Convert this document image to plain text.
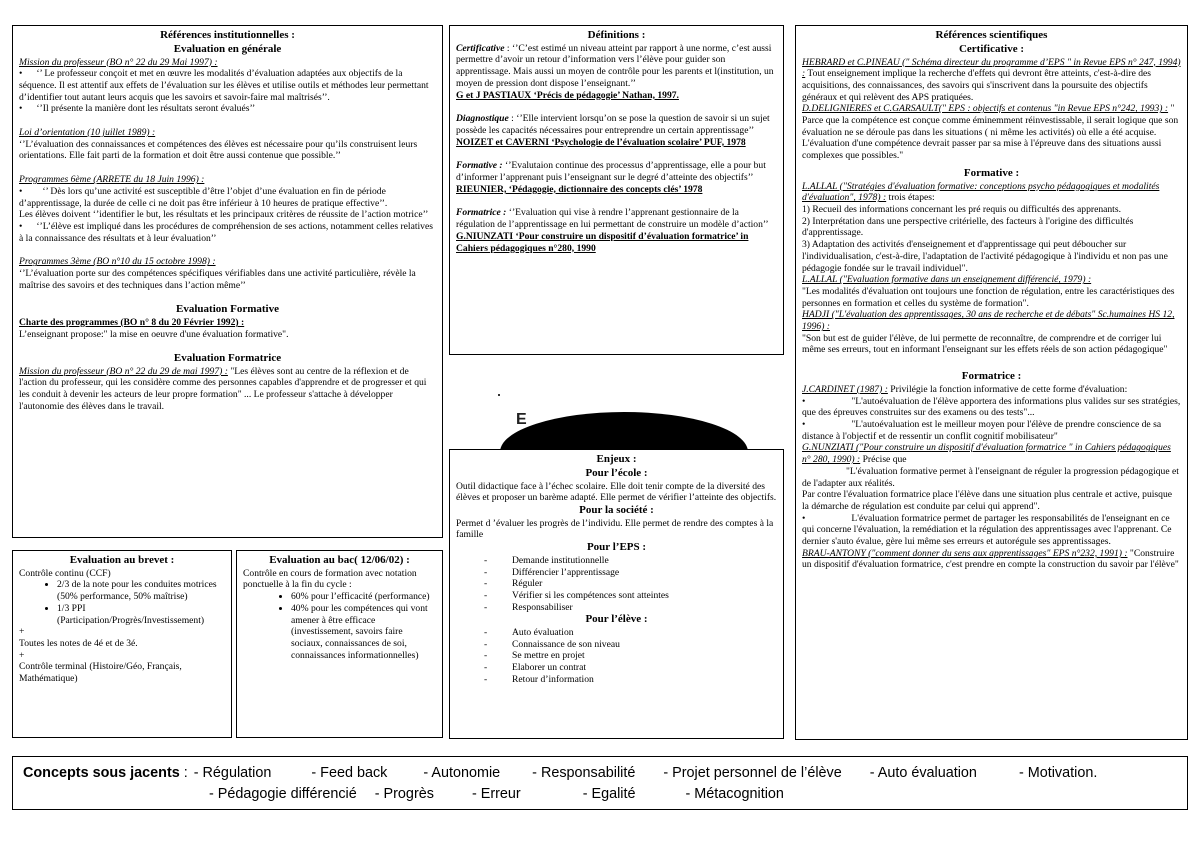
Références institutionnelles :
Evaluation en générale

Mission du professeur (BO n° 22 du 29 Mai 1997) :

• ‘’ Le professeur conçoit et met en œuvre les modalités d’évaluation adaptées aux objectifs de la séquence. Il est attentif aux effets de l’évaluation sur les élèves et utilise outils et méthodes leur permettant d’identifier tout autant leurs acquis que les savoirs et savoir-faire mal maîtrisés’’.

• ‘’Il présente la manière dont les résultats seront évalués’’

Loi d’orientation (10 juillet 1989) :

‘’L’évaluation des connaissances et compétences des élèves est nécessaire pour qu’ils construisent leurs orientations. Elle fait parti de la formation et doit être aussi contenue que possible.’’

Programmes 6ème (ARRETE du 18 Juin 1996) :

• ‘’ Dès lors qu’une activité est susceptible d’être l’objet d’une évaluation en fin de période d’apprentissage, la durée de celle ci ne doit pas être inférieur à 10 heures de pratique effective’’.

Les élèves doivent ‘’identifier le but, les résultats et les principaux critères de réussite de l’action motrice’’

• ‘’L’élève est impliqué dans les procédures de compréhension de ses actions, notamment celles relatives à la connaissance des résultats et à leur évaluation’’

Programmes 3ème (BO n°10 du 15 octobre 1998) :

‘’L’évaluation porte sur des compétences spécifiques vérifiables dans une activité particulière, révèle la maîtrise des savoirs et des techniques dans l’action même’’

Evaluation Formative

Charte des programmes (BO n° 8 du 20 Février 1992) :

L’enseignant propose:" la mise en oeuvre d'une évaluation formative".

Evaluation Formatrice

Mission du professeur (BO n° 22 du 29 de mai 1997) : "Les élèves sont au centre de la réflexion et de l'action du professeur, qui les considère comme des personnes capables d'apprendre et de progresser et qui les conduit à devenir les acteurs de leur propre formation" ... Le professeur s'attache à développer l'autonomie des élèves dans le travail.

Evaluation au brevet :

Contrôle continu (CCF)

• 2/3 de la note pour les conduites motrices (50% performance, 50% maîtrise)
• 1/3 PPI (Participation/Progrès/Investissement)

+

Toutes les notes de 4é et de 3é.

+

Contrôle terminal (Histoire/Géo, Français, Mathématique)

Evaluation au bac( 12/06/02) :

Contrôle en cours de formation avec notation ponctuelle à la fin du cycle :

• 60% pour l’efficacité (performance)
• 40% pour les compétences qui vont amener à être efficace (investissement, savoirs faire sociaux, connaissances de soi, connaissances informationnelles)
Définitions :

Certificative : ‘’C’est estimé un niveau atteint par rapport à une norme, c’est aussi permettre d’avoir un retour d’information vers l’élève pour guider son apprentissage. Mais aussi un moyen de contrôle pour les parents et l(institution, un moyen de pression dont dispose l’enseignant.’’

G et J PASTIAUX ‘Précis de pédagogie’ Nathan, 1997.

Diagnostique : ‘’Elle intervient lorsqu’on se pose la question de savoir si un sujet possède les capacités nécessaires pour entreprendre un certain apprentissage’’

NOIZET et CAVERNI ‘Psychologie de l’évaluation scolaire’ PUF, 1978

Formative : ‘’Evalutaion continue des processus d’apprentissage, elle a pour but d’informer l’apprenant puis l’enseignant sur le degré d’atteinte des objectifs’’

RIEUNIER, ‘Pédagogie, dictionnaire des concepts clés’ 1978

Formatrice : ‘’Evaluation qui vise à rendre l’apprenant gestionnaire de la régulation de l’apprentissage en lui permettant de construire un modèle d’action’’

G.NIUNZATI ‘Pour construire un dispositif d’évaluation formatrice’ in Cahiers pédagogiques n°280, 1990

E
Enjeux :
Pour l’école :

Outil didactique face à l’échec scolaire. Elle doit tenir compte de la diversité des élèves et proposer un barème adapté. Elle permet de vérifier l’atteinte des objectifs.

Pour la société :

Permet d ’évaluer les progrès de l’individu. Elle permet de rendre des comptes à la famille

Pour l’EPS :

- Demande institutionnelle

- Différencier l’apprentissage

- Réguler

- Vérifier si les compétences sont atteintes

- Responsabiliser

Pour l’élève :

- Auto évaluation

- Connaissance de son niveau

- Se mettre en projet

- Elaborer un contrat

- Retour d’information

Références scientifiques
Certificative :

HEBRARD et C.PINEAU (" Schéma directeur du programme d’EPS " in Revue EPS n° 247, 1994) : Tout enseignement implique la recherche d'effets qui devront être atteints, c'est-à-dire des acquisitions, des connaissances, des savoirs qui s'inscrivent dans la poursuite des objectifs généraux et qui relèvent des APS pratiquées.

D.DELIGNIERES et C.GARSAULT(" EPS : objectifs et contenus "in Revue EPS n°242, 1993) : " Parce que la compétence est conçue comme éminemment réinvestissable, il serait logique que son évaluation ne se déroule pas dans les situations ( ni même les activités) où elle a été acquise. L'évaluation d'une compétence devrait passer par sa mise à l'épreuve dans des situations aussi complexes que possibles."

Formative :

L.ALLAL ("Stratégies d'évaluation formative: conceptions psycho pédagogiques et modalités d'évaluation", 1978) : trois étapes:

1) Recueil des informations concernant les pré requis ou difficultés des apprenants.

2) Interprétation dans une perspective critérielle, des facteurs à l'origine des difficultés d'apprentissage.

3) Adaptation des activités d'enseignement et d'apprentissage qui peut déboucher sur l'individualisation, c'est-à-dire, l'adaptation de l'activité pédagogique à l'individu et non pas une pédagogie fondée sur le travail individuel".

L.ALLAL ("Evaluation formative dans un enseignement différencié, 1979) :

"Les modalités d'évaluation ont toujours une fonction de régulation, entre les caractéristiques des personnes en formation et celles du système de formation".

HADJI ("L'évaluation des apprentissages, 30 ans de recherche et de débats" Sc.humaines HS 12, 1996) :

"Son but est de guider l'élève, de lui permette de reconnaître, de comprendre et de corriger lui même ses erreurs, tout en informant l'enseignant sur les effets réels de son action pédagogique"

Formatrice :

J.CARDINET (1987) : Privilégie la fonction informative de cette forme d'évaluation:

• "L'autoévaluation de l'élève apportera des informations plus valides sur ses stratégies, que des épreuves construites sur des examens ou des tests"...

• "L'autoévaluation est le meilleur moyen pour l'élève de prendre conscience de sa distance à l'objectif et de ressentir un conflit cognitif mobilisateur"

G.NUNZIATI ("Pour construire un dispositif d'évaluation formatrice " in Cahiers pédagogiques n° 280, 1990) : Précise que

"L'évaluation formative permet à l'enseignant de réguler la progression pédagogique et de l'adapter aux réalités.

Par contre l'évaluation formatrice place l'élève dans une situation plus centrale et active, puisque la démarche de régulation est conduite par celui qui apprend".

• L'évaluation formatrice permet de partager les responsabilités de l'enseignant en ce qui concerne l'évaluation, la remédiation et la régulation des apprentissages avec l'apprenant. Ce dernier s'auto évalue, gère lui même ses erreurs et autorégule ses apprentissages.

BRAU-ANTONY ("comment donner du sens aux apprentissages" EPS n°232, 1991) : "Construire un dispositif d'évaluation formatrice, c'est prendre en compte la construction du savoir par l'élève"

Concepts sous jacents : - Régulation	- Feed back	- Autonomie - Responsabilité - Projet personnel de l’élève - Auto évaluation	- Motivation.
- Pédagogie différencié - Progrès	- Erreur	- Egalité	- Métacognition
